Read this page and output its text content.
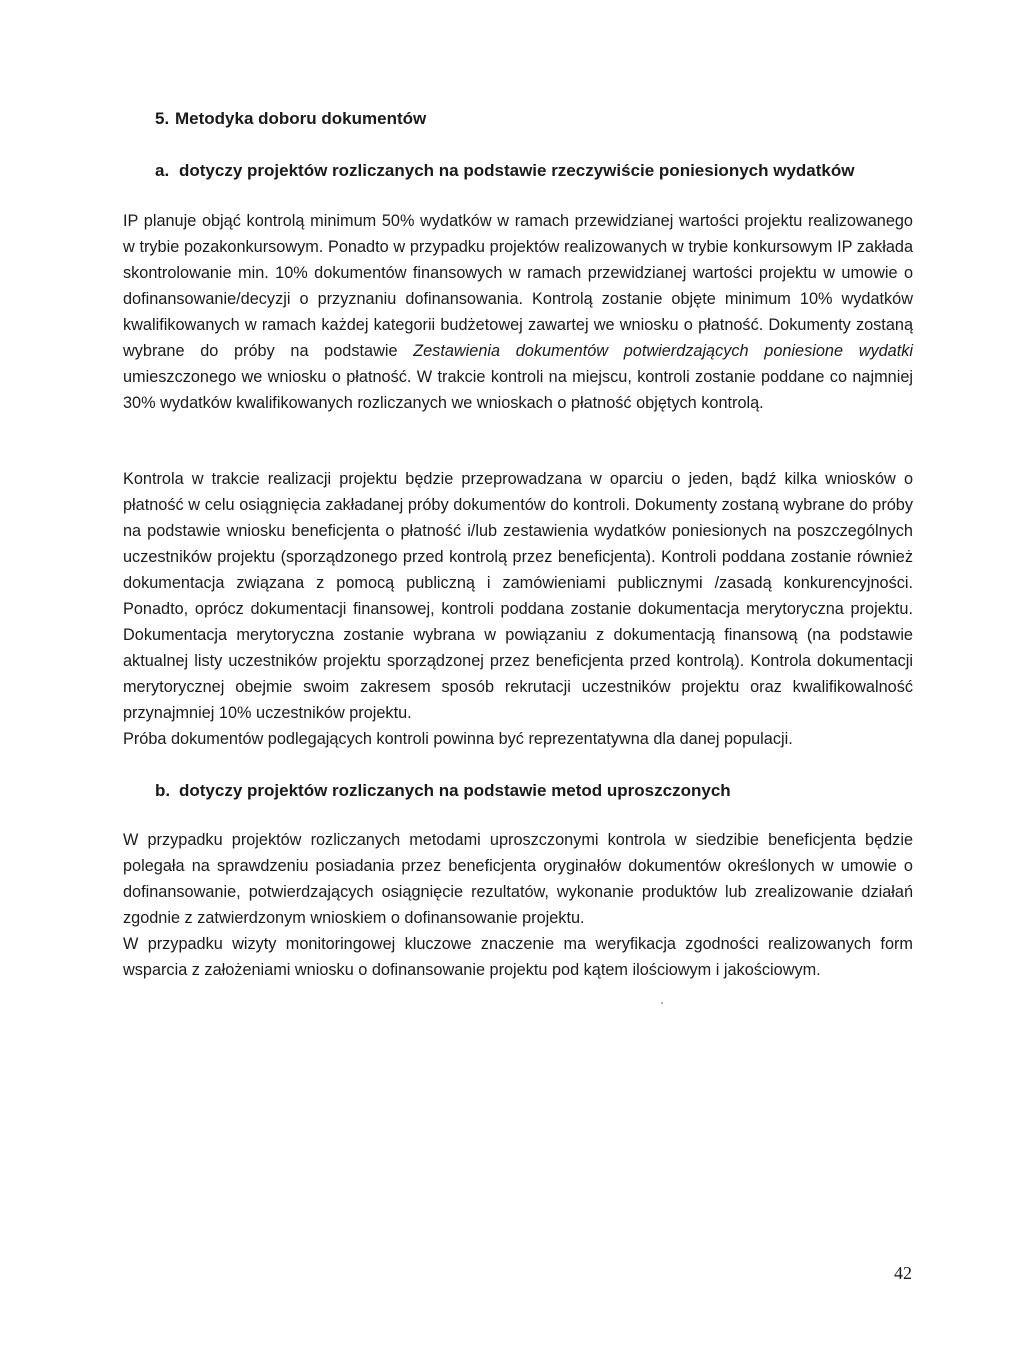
5. Metodyka doboru dokumentów
a. dotyczy projektów rozliczanych na podstawie rzeczywiście poniesionych wydatków

IP planuje objąć kontrolą minimum 50% wydatków w ramach przewidzianej wartości projektu realizowanego w trybie pozakonkursowym. Ponadto w przypadku projektów realizowanych w trybie konkursowym IP zakłada skontrolowanie min. 10% dokumentów finansowych w ramach przewidzianej wartości projektu w umowie o dofinansowanie/decyzji o przyznaniu dofinansowania. Kontrolą zostanie objęte minimum 10% wydatków kwalifikowanych w ramach każdej kategorii budżetowej zawartej we wniosku o płatność. Dokumenty zostaną wybrane do próby na podstawie Zestawienia dokumentów potwierdzających poniesione wydatki umieszczonego we wniosku o płatność. W trakcie kontroli na miejscu, kontroli zostanie poddane co najmniej 30% wydatków kwalifikowanych rozliczanych we wnioskach o płatność objętych kontrolą.

Kontrola w trakcie realizacji projektu będzie przeprowadzana w oparciu o jeden, bądź kilka wniosków o płatność w celu osiągnięcia zakładanej próby dokumentów do kontroli. Dokumenty zostaną wybrane do próby na podstawie wniosku beneficjenta o płatność i/lub zestawienia wydatków poniesionych na poszczególnych uczestników projektu (sporządzonego przed kontrolą przez beneficjenta). Kontroli poddana zostanie również dokumentacja związana z pomocą publiczną i zamówieniami publicznymi /zasadą konkurencyjności. Ponadto, oprócz dokumentacji finansowej, kontroli poddana zostanie dokumentacja merytoryczna projektu. Dokumentacja merytoryczna zostanie wybrana w powiązaniu z dokumentacją finansową (na podstawie aktualnej listy uczestników projektu sporządzonej przez beneficjenta przed kontrolą). Kontrola dokumentacji merytorycznej obejmie swoim zakresem sposób rekrutacji uczestników projektu oraz kwalifikowalność przynajmniej 10% uczestników projektu.
Próba dokumentów podlegających kontroli powinna być reprezentatywna dla danej populacji.

b. dotyczy projektów rozliczanych na podstawie metod uproszczonych

W przypadku projektów rozliczanych metodami uproszczonymi kontrola w siedzibie beneficjenta będzie polegała na sprawdzeniu posiadania przez beneficjenta oryginałów dokumentów określonych w umowie o dofinansowanie, potwierdzających osiągnięcie rezultatów, wykonanie produktów lub zrealizowanie działań zgodnie z zatwierdzonym wnioskiem o dofinansowanie projektu.
W przypadku wizyty monitoringowej kluczowe znaczenie ma weryfikacja zgodności realizowanych form wsparcia z założeniami wniosku o dofinansowanie projektu pod kątem ilościowym i jakościowym.

42
